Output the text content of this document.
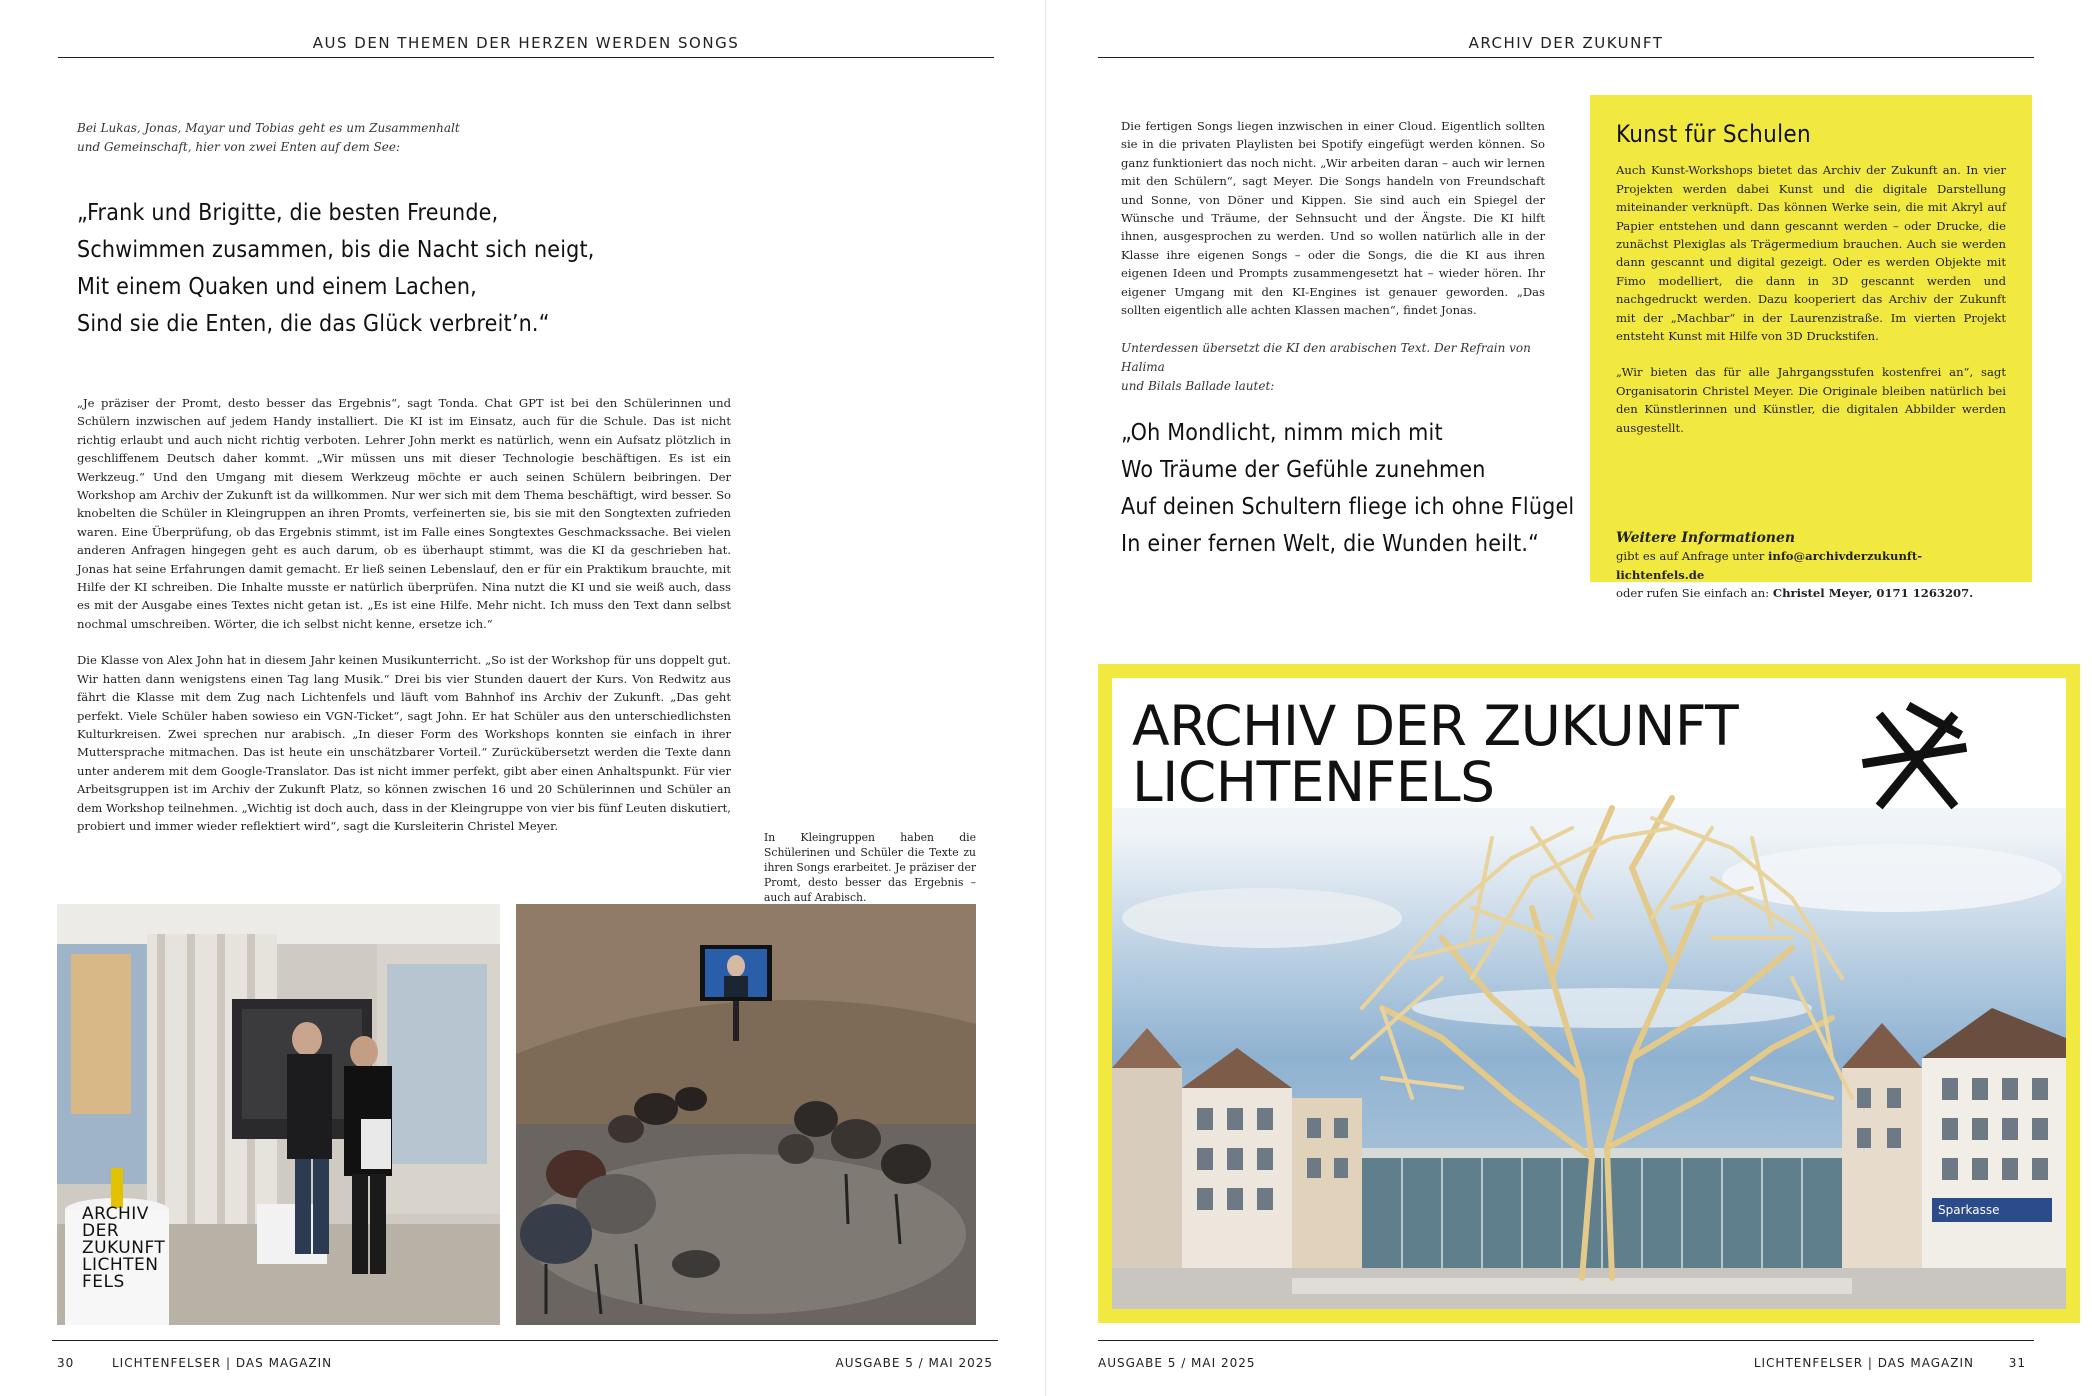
AUS DEN THEMEN DER HERZEN WERDEN SONGS
Bei Lukas, Jonas, Mayar und Tobias geht es um Zusammenhalt
und Gemeinschaft, hier von zwei Enten auf dem See:
„Frank und Brigitte, die besten Freunde,
Schwimmen zusammen, bis die Nacht sich neigt,
Mit einem Quaken und einem Lachen,
Sind sie die Enten, die das Glück verbreit’n.“

„Je präziser der Promt, desto besser das Ergebnis“, sagt Tonda. Chat GPT ist bei den Schülerinnen und Schülern inzwischen auf jedem Handy installiert. Die KI ist im Einsatz, auch für die Schule. Das ist nicht richtig erlaubt und auch nicht richtig verboten. Lehrer John merkt es natürlich, wenn ein Aufsatz plötzlich in geschliffenem Deutsch daher kommt. „Wir müssen uns mit dieser Technologie beschäftigen. Es ist ein Werkzeug.“ Und den Umgang mit diesem Werkzeug möchte er auch seinen Schülern beibringen. Der Workshop am Archiv der Zukunft ist da willkommen. Nur wer sich mit dem Thema beschäftigt, wird besser. So knobelten die Schüler in Kleingruppen an ihren Promts, verfeinerten sie, bis sie mit den Songtexten zufrieden waren. Eine Überprüfung, ob das Ergebnis stimmt, ist im Falle eines Songtextes Geschmackssache. Bei vielen anderen Anfragen hingegen geht es auch darum, ob es überhaupt stimmt, was die KI da geschrieben hat. Jonas hat seine Erfahrungen damit gemacht. Er ließ seinen Lebenslauf, den er für ein Praktikum brauchte, mit Hilfe der KI schreiben. Die Inhalte musste er natürlich überprüfen. Nina nutzt die KI und sie weiß auch, dass es mit der Ausgabe eines Textes nicht getan ist. „Es ist eine Hilfe. Mehr nicht. Ich muss den Text dann selbst nochmal umschreiben. Wörter, die ich selbst nicht kenne, ersetze ich.“

Die Klasse von Alex John hat in diesem Jahr keinen Musikunterricht. „So ist der Workshop für uns doppelt gut. Wir hatten dann wenigstens einen Tag lang Musik.“ Drei bis vier Stunden dauert der Kurs. Von Redwitz aus fährt die Klasse mit dem Zug nach Lichtenfels und läuft vom Bahnhof ins Archiv der Zukunft. „Das geht perfekt. Viele Schüler haben sowieso ein VGN-Ticket“, sagt John. Er hat Schüler aus den unterschiedlichsten Kulturkreisen. Zwei sprechen nur arabisch. „In dieser Form des Workshops konnten sie einfach in ihrer Muttersprache mitmachen. Das ist heute ein unschätzbarer Vorteil.“ Zurückübersetzt werden die Texte dann unter anderem mit dem Google-Translator. Das ist nicht immer perfekt, gibt aber einen Anhaltspunkt. Für vier Arbeitsgruppen ist im Archiv der Zukunft Platz, so können zwischen 16 und 20 Schülerinnen und Schüler an dem Workshop teilnehmen. „Wichtig ist doch auch, dass in der Kleingruppe von vier bis fünf Leuten diskutiert, probiert und immer wieder reflektiert wird“, sagt die Kursleiterin Christel Meyer.

In Kleingruppen haben die Schülerinen und Schüler die Texte zu ihren Songs erarbeitet. Je präziser der Promt, desto besser das Ergebnis – auch auf Arabisch.
ARCHIV
DER
ZUKUNFT
LICHTEN
FELS
30	LICHTENFELSER | DAS MAGAZIN	AUSGABE 5 / MAI 2025
ARCHIV DER ZUKUNFT

Die fertigen Songs liegen inzwischen in einer Cloud. Eigentlich sollten sie in die privaten Playlisten bei Spotify eingefügt werden können. So ganz funktioniert das noch nicht. „Wir arbeiten daran – auch wir lernen mit den Schülern“, sagt Meyer. Die Songs handeln von Freundschaft und Sonne, von Döner und Kippen. Sie sind auch ein Spiegel der Wünsche und Träume, der Sehnsucht und der Ängste. Die KI hilft ihnen, ausgesprochen zu werden. Und so wollen natürlich alle in der Klasse ihre eigenen Songs – oder die Songs, die die KI aus ihren eigenen Ideen und Prompts zusammengesetzt hat – wieder hören. Ihr eigener Umgang mit den KI-Engines ist genauer geworden. „Das sollten eigentlich alle achten Klassen machen“, findet Jonas.

Unterdessen übersetzt die KI den arabischen Text. Der Refrain von Halima
und Bilals Ballade lautet:
„Oh Mondlicht, nimm mich mit
Wo Träume der Gefühle zunehmen
Auf deinen Schultern fliege ich ohne Flügel
In einer fernen Welt, die Wunden heilt.“
Kunst für Schulen

Auch Kunst-Workshops bietet das Archiv der Zukunft an. In vier Projekten werden dabei Kunst und die digitale Darstellung miteinander verknüpft. Das können Werke sein, die mit Akryl auf Papier entstehen und dann gescannt werden – oder Drucke, die zunächst Plexiglas als Trägermedium brauchen. Auch sie werden dann gescannt und digital gezeigt. Oder es werden Objekte mit Fimo modelliert, die dann in 3D gescannt werden und nachgedruckt werden. Dazu kooperiert das Archiv der Zukunft mit der „Machbar“ in der Laurenzistraße. Im vierten Projekt entsteht Kunst mit Hilfe von 3D Druckstifen.

„Wir bieten das für alle Jahrgangsstufen kostenfrei an“, sagt Organisatorin Christel Meyer. Die Originale bleiben natürlich bei den Künstlerinnen und Künstler, die digitalen Abbilder werden ausgestellt.

Weitere Informationen
gibt es auf Anfrage unter info@archivderzukunft-lichtenfels.de
oder rufen Sie einfach an: Christel Meyer, 0171 1263207.
ARCHIV DER ZUKUNFT
LICHTENFELS
Sparkasse
AUSGABE 5 / MAI 2025	LICHTENFELSER | DAS MAGAZIN	31
